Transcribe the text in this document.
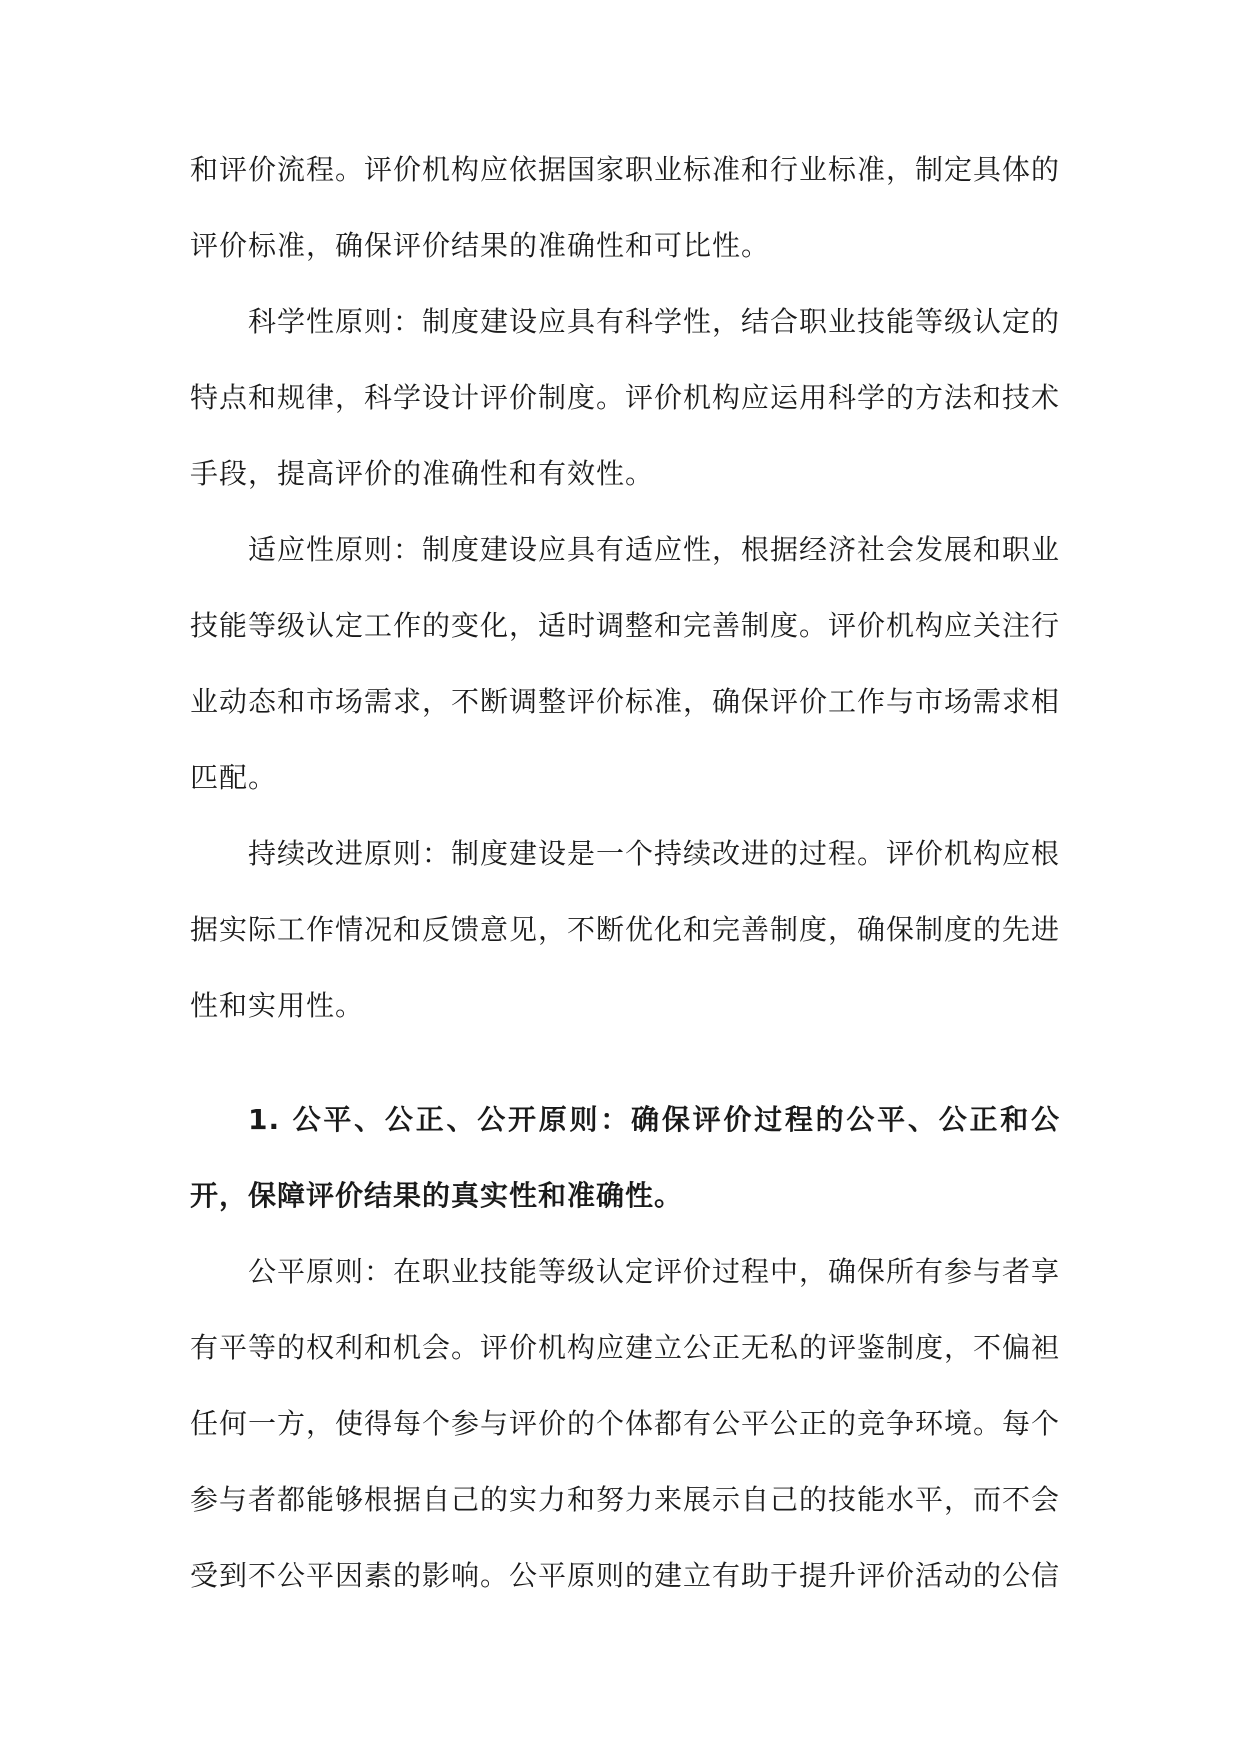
和评价流程。评价机构应依据国家职业标准和行业标准，制定具体的评价标准，确保评价结果的准确性和可比性。

科学性原则：制度建设应具有科学性，结合职业技能等级认定的特点和规律，科学设计评价制度。评价机构应运用科学的方法和技术手段，提高评价的准确性和有效性。

适应性原则：制度建设应具有适应性，根据经济社会发展和职业技能等级认定工作的变化，适时调整和完善制度。评价机构应关注行业动态和市场需求，不断调整评价标准，确保评价工作与市场需求相匹配。

持续改进原则：制度建设是一个持续改进的过程。评价机构应根据实际工作情况和反馈意见，不断优化和完善制度，确保制度的先进性和实用性。

1. 公平、公正、公开原则：确保评价过程的公平、公正和公开，保障评价结果的真实性和准确性。

公平原则：在职业技能等级认定评价过程中，确保所有参与者享有平等的权利和机会。评价机构应建立公正无私的评鉴制度，不偏袒任何一方，使得每个参与评价的个体都有公平公正的竞争环境。每个参与者都能够根据自己的实力和努力来展示自己的技能水平，而不会受到不公平因素的影响。公平原则的建立有助于提升评价活动的公信
